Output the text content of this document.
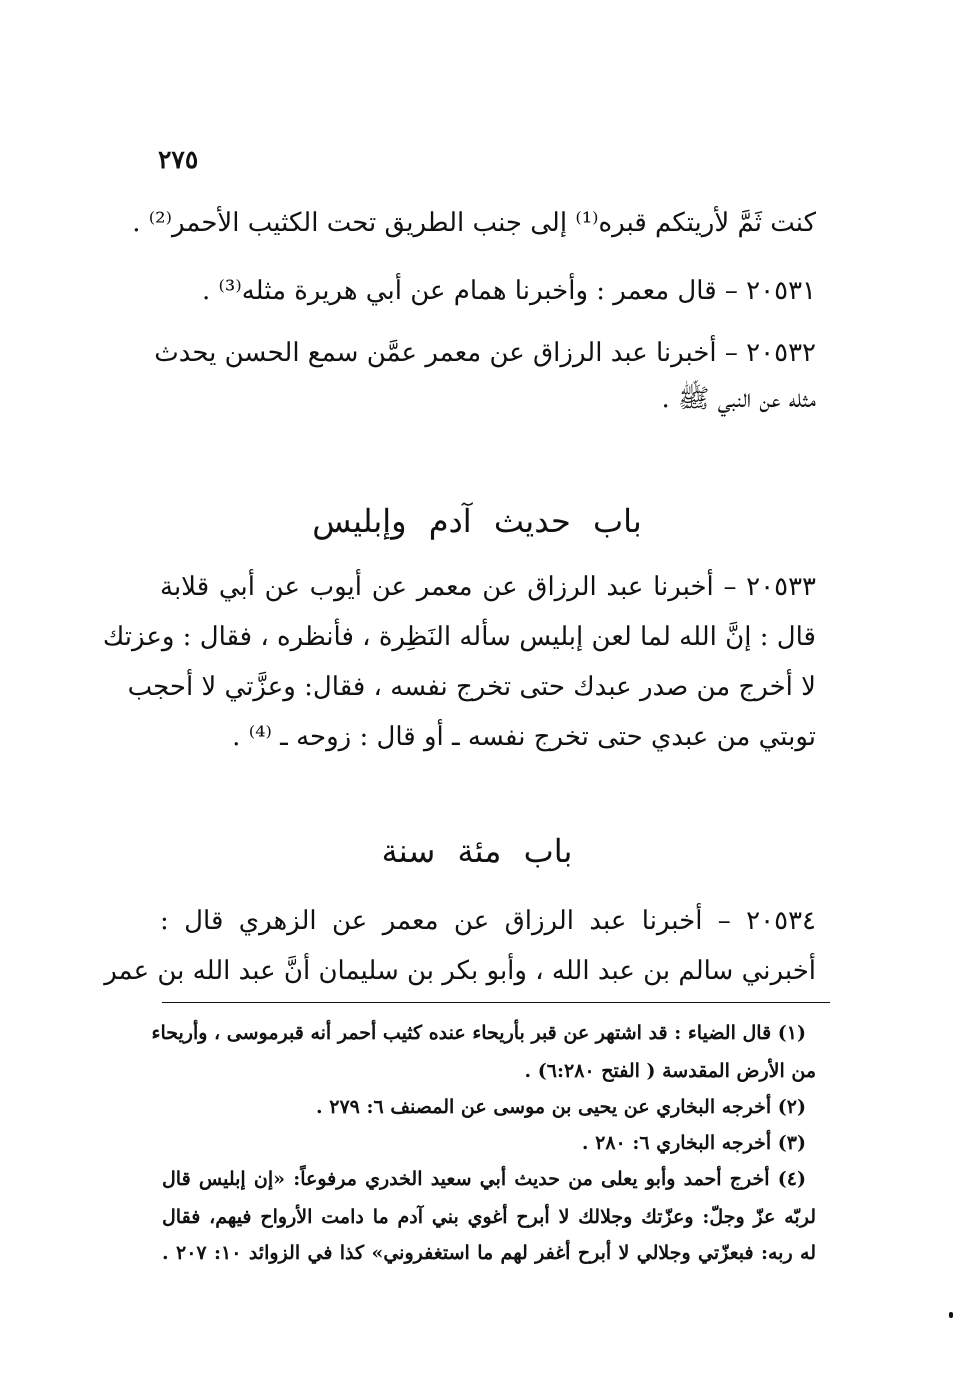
٢٧٥
كنت ثَمَّ لأريتكم قبره⁽¹⁾ إلى جنب الطريق تحت الكثيب الأحمر⁽²⁾ .
٢٠٥٣١ – قال معمر : وأخبرنا همام عن أبي هريرة مثله⁽³⁾ .
٢٠٥٣٢ – أخبرنا عبد الرزاق عن معمر عمَّن سمع الحسن يحدث
مثله عن النبي ﷺ .
باب حديث آدم وإبليس
٢٠٥٣٣ – أخبرنا عبد الرزاق عن معمر عن أيوب عن أبي قلابة
قال : إنَّ الله لما لعن إبليس سأله النَظِرة ، فأنظره ، فقال : وعزتك
لا أخرج من صدر عبدك حتى تخرج نفسه ، فقال: وعزَّتي لا أحجب
توبتي من عبدي حتى تخرج نفسه ـ أو قال : زوحه ـ ⁽⁴⁾ .
باب مئة سنة
٢٠٥٣٤ – أخبرنا عبد الرزاق عن معمر عن الزهري قال :
أخبرني سالم بن عبد الله ، وأبو بكر بن سليمان أنَّ عبد الله بن عمر
(١) قال الضياء : قد اشتهر عن قبر بأريحاء عنده كثيب أحمر أنه قبرموسى ، وأريحاء
من الأرض المقدسة ( الفتح ٦:٢٨٠) .
(٢) أخرجه البخاري عن يحيى بن موسى عن المصنف ٦: ٢٧٩ .
(٣) أخرجه البخاري ٦: ٢٨٠ .
(٤) أخرج أحمد وأبو يعلى من حديث أبي سعيد الخدري مرفوعاً: «إن إبليس قال
لربّه عزّ وجلّ: وعزّتك وجلالك لا أبرح أغوي بني آدم ما دامت الأرواح فيهم، فقال
له ربه: فبعزّتي وجلالي لا أبرح أغفر لهم ما استغفروني» كذا في الزوائد ١٠: ٢٠٧ .
